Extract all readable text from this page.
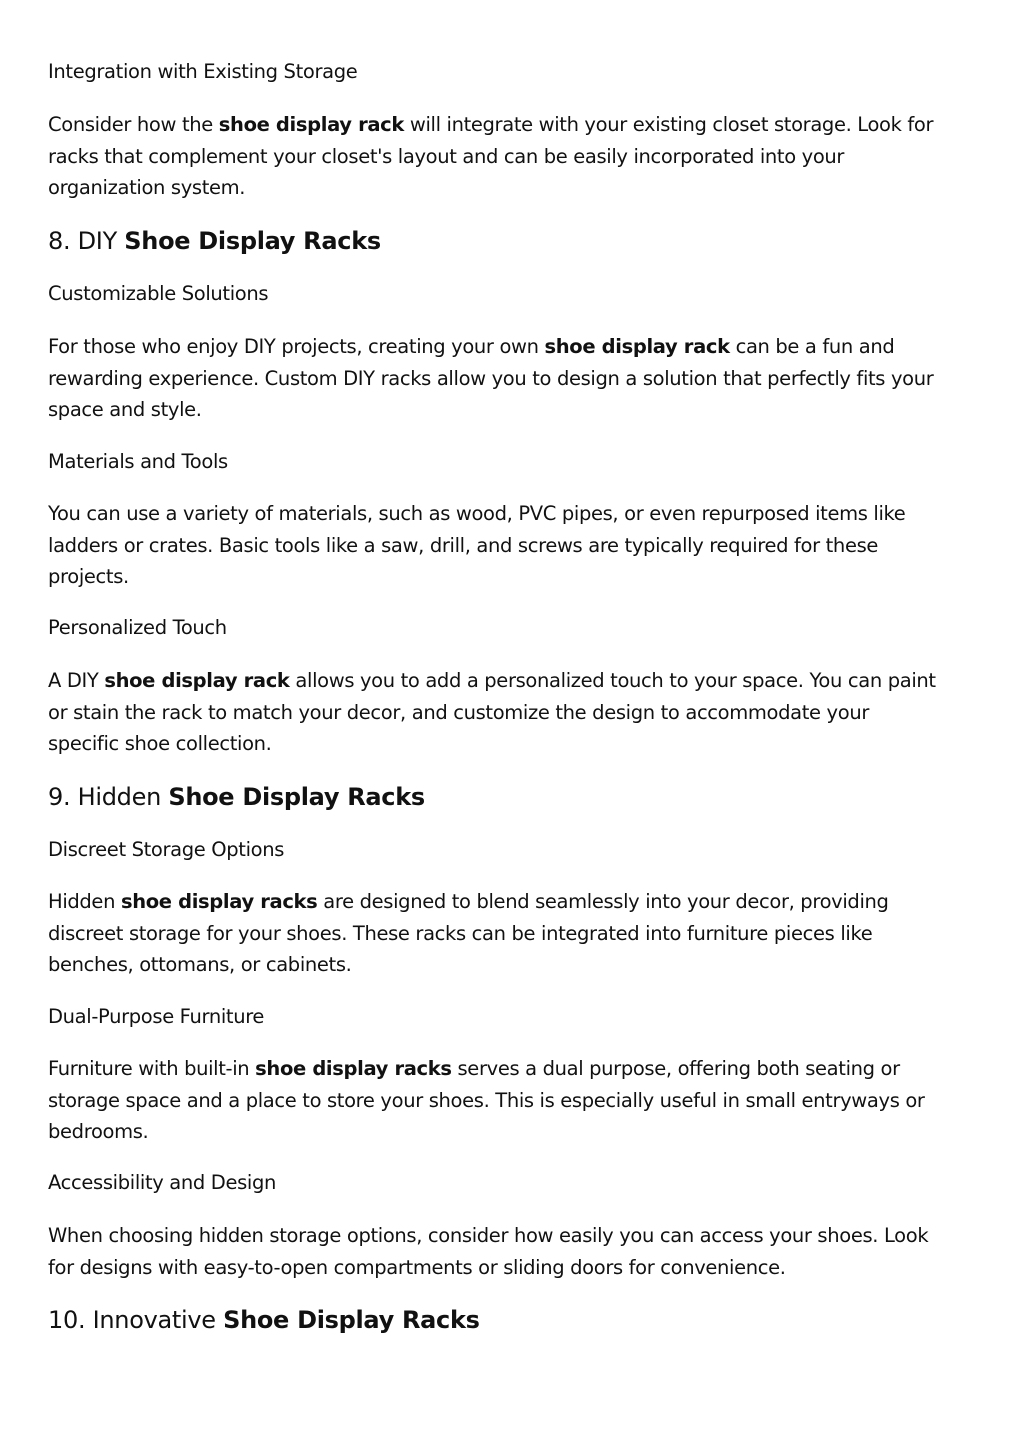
Integration with Existing Storage
Consider how the shoe display rack will integrate with your existing closet storage. Look for
racks that complement your closet's layout and can be easily incorporated into your
organization system.
8. DIY Shoe Display Racks
Customizable Solutions
For those who enjoy DIY projects, creating your own shoe display rack can be a fun and
rewarding experience. Custom DIY racks allow you to design a solution that perfectly fits your
space and style.
Materials and Tools
You can use a variety of materials, such as wood, PVC pipes, or even repurposed items like
ladders or crates. Basic tools like a saw, drill, and screws are typically required for these
projects.
Personalized Touch
A DIY shoe display rack allows you to add a personalized touch to your space. You can paint
or stain the rack to match your decor, and customize the design to accommodate your
specific shoe collection.
9. Hidden Shoe Display Racks
Discreet Storage Options
Hidden shoe display racks are designed to blend seamlessly into your decor, providing
discreet storage for your shoes. These racks can be integrated into furniture pieces like
benches, ottomans, or cabinets.
Dual-Purpose Furniture
Furniture with built-in shoe display racks serves a dual purpose, offering both seating or
storage space and a place to store your shoes. This is especially useful in small entryways or
bedrooms.
Accessibility and Design
When choosing hidden storage options, consider how easily you can access your shoes. Look
for designs with easy-to-open compartments or sliding doors for convenience.
10. Innovative Shoe Display Racks
